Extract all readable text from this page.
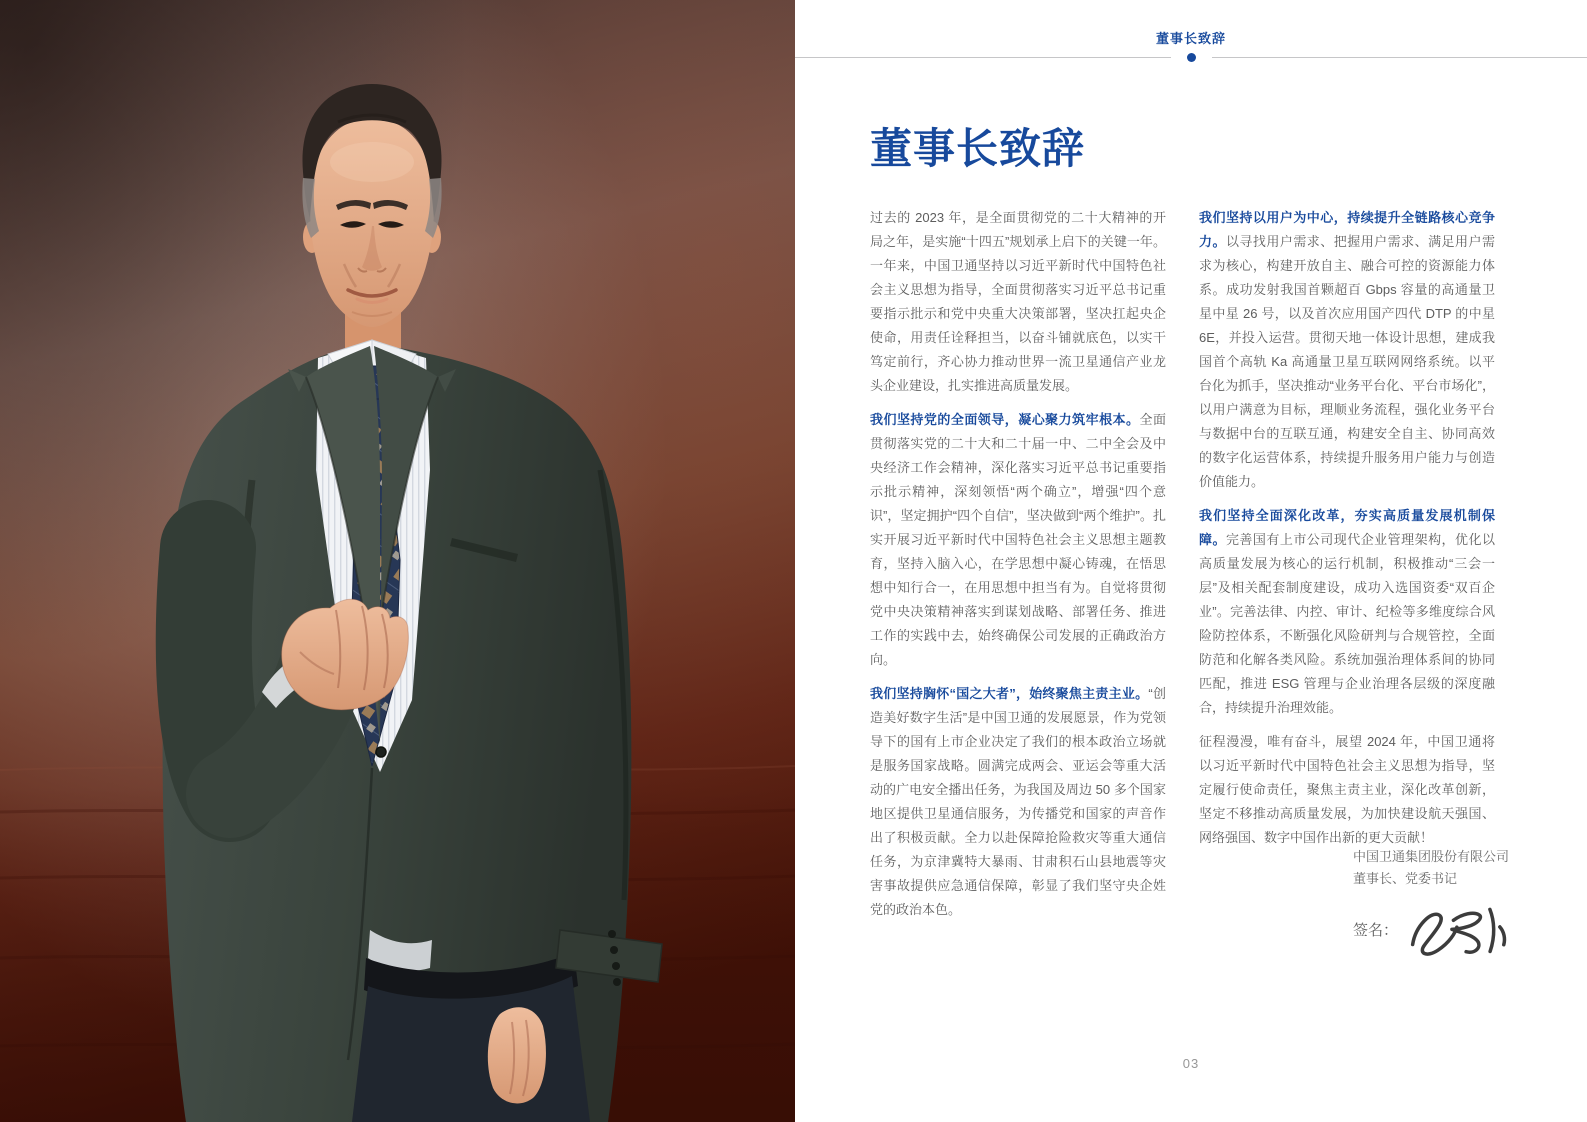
董事长致辞
董事长致辞

过去的 2023 年，是全面贯彻党的二十大精神的开局之年，是实施“十四五”规划承上启下的关键一年。一年来，中国卫通坚持以习近平新时代中国特色社会主义思想为指导，全面贯彻落实习近平总书记重要指示批示和党中央重大决策部署，坚决扛起央企使命，用责任诠释担当，以奋斗铺就底色，以实干笃定前行，齐心协力推动世界一流卫星通信产业龙头企业建设，扎实推进高质量发展。

我们坚持党的全面领导，凝心聚力筑牢根本。全面贯彻落实党的二十大和二十届一中、二中全会及中央经济工作会精神，深化落实习近平总书记重要指示批示精神，深刻领悟“两个确立”，增强“四个意识”，坚定拥护“四个自信”，坚决做到“两个维护”。扎实开展习近平新时代中国特色社会主义思想主题教育，坚持入脑入心，在学思想中凝心铸魂，在悟思想中知行合一，在用思想中担当有为。自觉将贯彻党中央决策精神落实到谋划战略、部署任务、推进工作的实践中去，始终确保公司发展的正确政治方向。

我们坚持胸怀“国之大者”，始终聚焦主责主业。“创造美好数字生活”是中国卫通的发展愿景，作为党领导下的国有上市企业决定了我们的根本政治立场就是服务国家战略。圆满完成两会、亚运会等重大活动的广电安全播出任务，为我国及周边 50 多个国家地区提供卫星通信服务，为传播党和国家的声音作出了积极贡献。全力以赴保障抢险救灾等重大通信任务，为京津冀特大暴雨、甘肃积石山县地震等灾害事故提供应急通信保障，彰显了我们坚守央企姓党的政治本色。

我们坚持以用户为中心，持续提升全链路核心竞争力。以寻找用户需求、把握用户需求、满足用户需求为核心，构建开放自主、融合可控的资源能力体系。成功发射我国首颗超百 Gbps 容量的高通量卫星中星 26 号，以及首次应用国产四代 DTP 的中星 6E，并投入运营。贯彻天地一体设计思想，建成我国首个高轨 Ka 高通量卫星互联网网络系统。以平台化为抓手，坚决推动“业务平台化、平台市场化”，以用户满意为目标，理顺业务流程，强化业务平台与数据中台的互联互通，构建安全自主、协同高效的数字化运营体系，持续提升服务用户能力与创造价值能力。

我们坚持全面深化改革，夯实高质量发展机制保障。完善国有上市公司现代企业管理架构，优化以高质量发展为核心的运行机制，积极推动“三会一层”及相关配套制度建设，成功入选国资委“双百企业”。完善法律、内控、审计、纪检等多维度综合风险防控体系，不断强化风险研判与合规管控，全面防范和化解各类风险。系统加强治理体系间的协同匹配，推进 ESG 管理与企业治理各层级的深度融合，持续提升治理效能。

征程漫漫，唯有奋斗，展望 2024 年，中国卫通将以习近平新时代中国特色社会主义思想为指导，坚定履行使命责任，聚焦主责主业，深化改革创新，坚定不移推动高质量发展，为加快建设航天强国、网络强国、数字中国作出新的更大贡献！

中国卫通集团股份有限公司
董事长、党委书记
签名：
03
